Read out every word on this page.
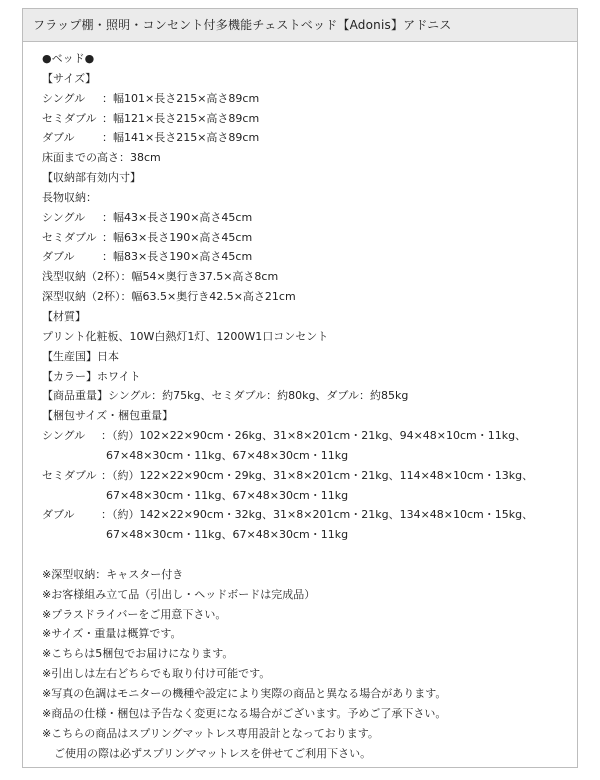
フラップ棚・照明・コンセント付多機能チェストベッド【Adonis】アドニス
●ベッド●
【サイズ】
シングル ：幅101×長さ215×高さ89cm
セミダブル ：幅121×長さ215×高さ89cm
ダブル ：幅141×長さ215×高さ89cm
床面までの高さ：38cm
【収納部有効内寸】
長物収納：
シングル ：幅43×長さ190×高さ45cm
セミダブル ：幅63×長さ190×高さ45cm
ダブル ：幅83×長さ190×高さ45cm
浅型収納（2杯）：幅54×奥行き37.5×高さ8cm
深型収納（2杯）：幅63.5×奥行き42.5×高さ21cm
【材質】
プリント化粧板、10W白熱灯1灯、1200W1口コンセント
【生産国】日本
【カラー】ホワイト
【商品重量】シングル：約75kg、セミダブル：約80kg、ダブル：約85kg
【梱包サイズ・梱包重量】
シングル ：（約）102×22×90cm・26kg、31×8×201cm・21kg、94×48×10cm・11kg、
67×48×30cm・11kg、67×48×30cm・11kg
セミダブル ：（約）122×22×90cm・29kg、31×8×201cm・21kg、114×48×10cm・13kg、
67×48×30cm・11kg、67×48×30cm・11kg
ダブル ：（約）142×22×90cm・32kg、31×8×201cm・21kg、134×48×10cm・15kg、
67×48×30cm・11kg、67×48×30cm・11kg
※深型収納：キャスター付き
※お客様組み立て品（引出し・ヘッドボードは完成品）
※プラスドライバーをご用意下さい。
※サイズ・重量は概算です。
※こちらは5梱包でお届けになります。
※引出しは左右どちらでも取り付け可能です。
※写真の色調はモニターの機種や設定により実際の商品と異なる場合があります。
※商品の仕様・梱包は予告なく変更になる場合がございます。予めご了承下さい。
※こちらの商品はスプリングマットレス専用設計となっております。
ご使用の際は必ずスプリングマットレスを併せてご利用下さい。
